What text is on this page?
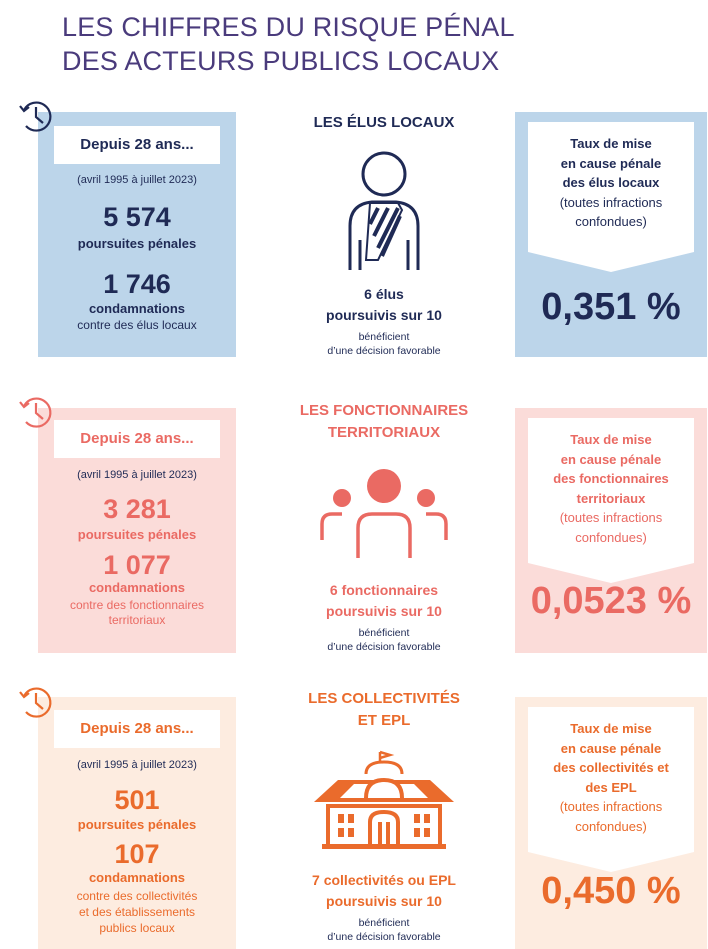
LES CHIFFRES DU RISQUE PÉNAL
DES ACTEURS PUBLICS LOCAUX
Depuis 28 ans...
(avril 1995 à juillet 2023)
5 574
poursuites pénales
1 746
condamnations
contre des élus locaux
LES ÉLUS LOCAUX
6 élus
poursuivis sur 10
bénéficient
d’une décision favorable
Taux de mise
en cause pénale
des élus locaux
(toutes infractions
confondues)
0,351 %
Depuis 28 ans...
(avril 1995 à juillet 2023)
3 281
poursuites pénales
1 077
condamnations
contre des fonctionnaires
territoriaux
LES FONCTIONNAIRES
TERRITORIAUX
6 fonctionnaires
poursuivis sur 10
bénéficient
d’une décision favorable
Taux de mise
en cause pénale
des fonctionnaires
territoriaux
(toutes infractions
confondues)
0,0523 %
Depuis 28 ans...
(avril 1995 à juillet 2023)
501
poursuites pénales
107
condamnations
contre des collectivités
et des établissements
publics locaux
LES COLLECTIVITÉS
ET EPL
7 collectivités ou EPL
poursuivis sur 10
bénéficient
d’une décision favorable
Taux de mise
en cause pénale
des collectivités et
des EPL
(toutes infractions
confondues)
0,450 %
